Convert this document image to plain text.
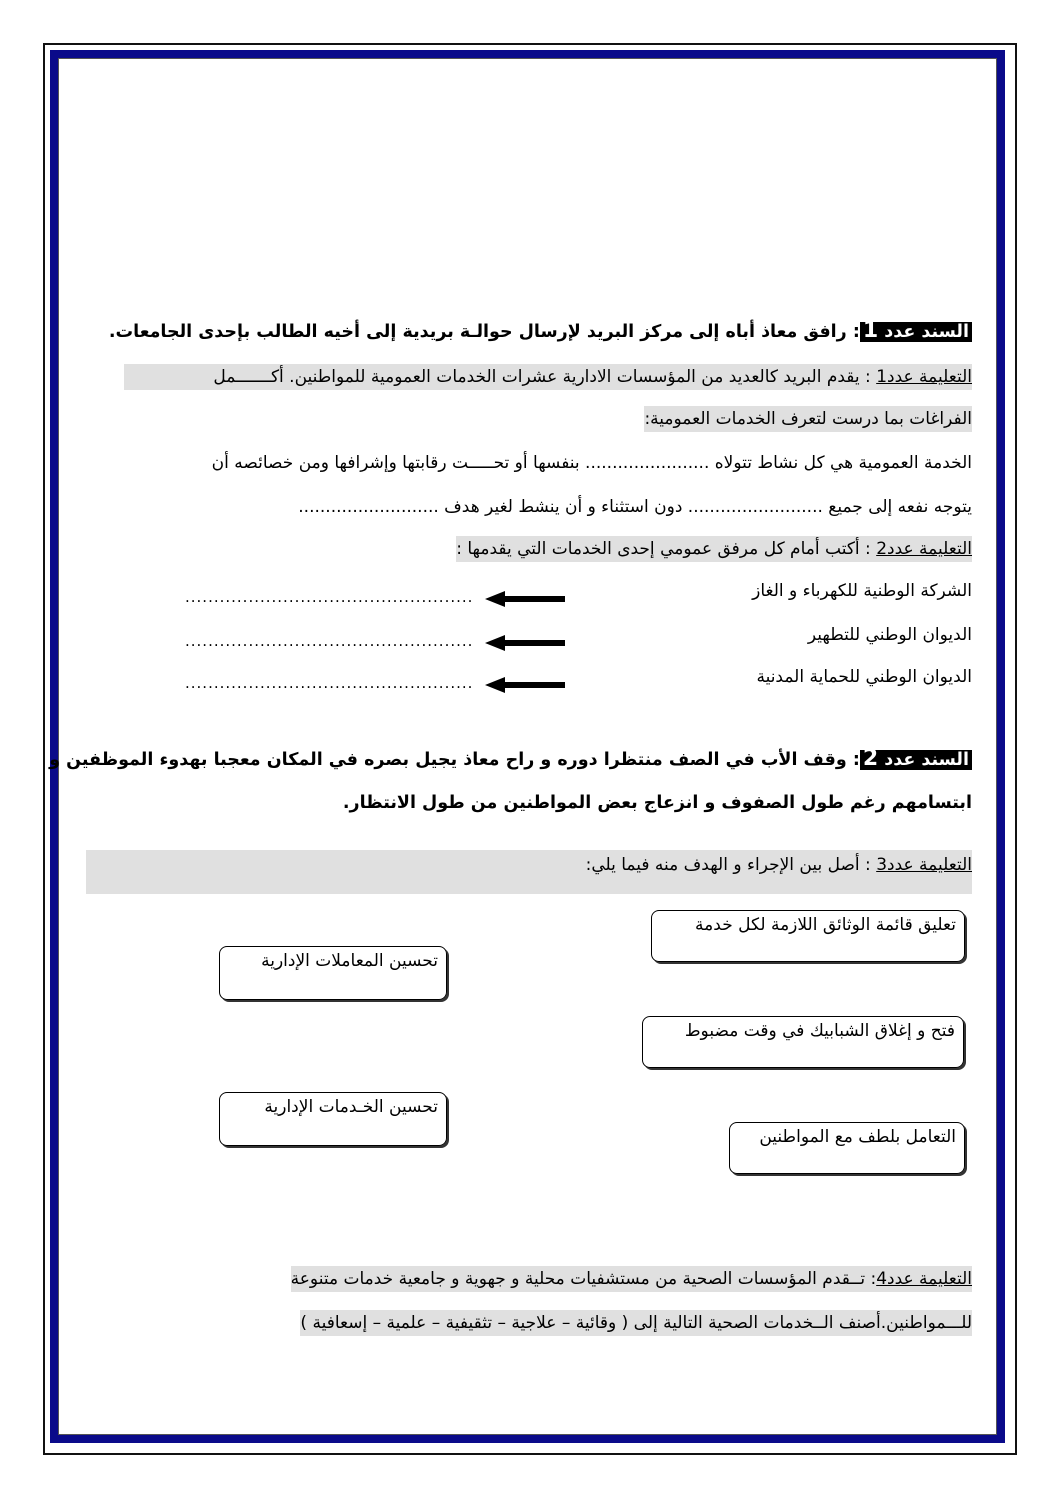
السند عدد 1: رافق معاذ أباه إلى مركز البريد لإرسال حوالـة بريدية إلى أخيه الطالب بإحدى الجامعات.
التعليمة عدد1 : يقدم البريد كالعديد من المؤسسات الادارية عشرات الخدمات العمومية للمواطنين. أكـــــــمل
الفراغات بما درست لتعرف الخدمات العمومية:
الخدمة العمومية هي كل نشاط تتولاه ....................... بنفسها أو تحـــــت رقابتها وإشرافها ومن خصائصه أن
يتوجه نفعه إلى جميع ......................... دون استثناء و أن ينشط لغير هدف ..........................
التعليمة عدد2 : أكتب أمام كل مرفق عمومي إحدى الخدمات التي يقدمها :
الشركة الوطنية للكهرباء و الغاز
..................................................
الديوان الوطني للتطهير
..................................................
الديوان الوطني للحماية المدنية
..................................................
السند عدد 2: وقف الأب في الصف منتظرا دوره و راح معاذ يجيل بصره في المكان معجبا بهدوء الموظفين و
ابتسامهم رغم طول الصفوف و انزعاج بعض المواطنين من طول الانتظار.
التعليمة عدد3 : أصل بين الإجراء و الهدف منه فيما يلي:
تعليق قائمة الوثائق اللازمة لكل خدمة
تحسين المعاملات الإدارية
فتح و إغلاق الشبابيك في وقت مضبوط
تحسين الخـدمات الإدارية
التعامل بلطف مع المواطنين
التعليمة عدد4: تــقدم المؤسسات الصحية من مستشفيات محلية و جهوية و جامعية خدمات متنوعة
للـــمواطنين.أصنف الــخدمات الصحية التالية إلى ( وقائية – علاجية – تثقيفية – علمية – إسعافية )
